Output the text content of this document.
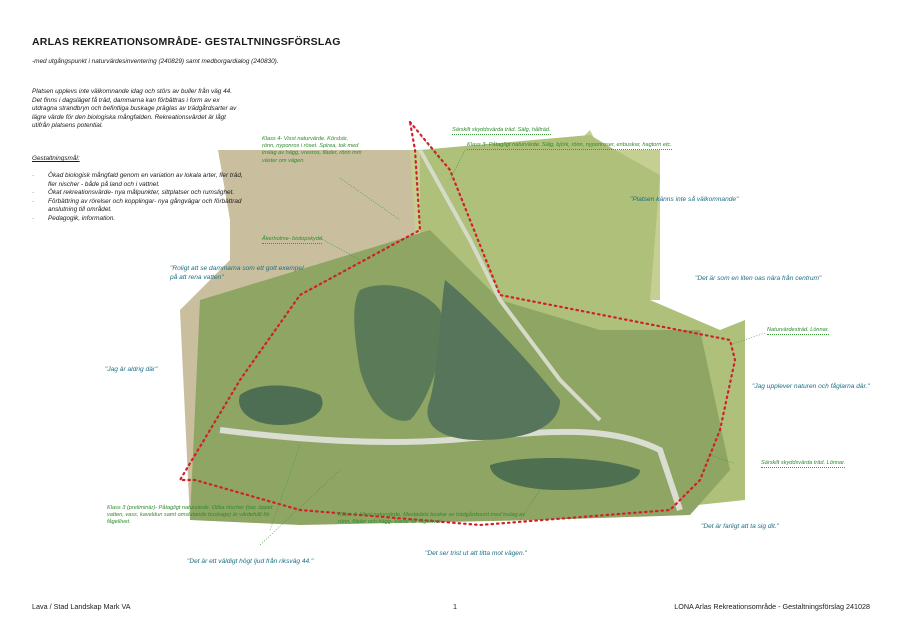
ARLAS REKREATIONSOMRÅDE- GESTALTNINGSFÖRSLAG
-med utgångspunkt i naturvärdesinventering (240829) samt medborgardialog (240830).
Platsen upplevs inte välkomnande idag och störs av buller från väg 44. Det finns i dagsläget få träd, dammarna kan förbättras i form av ex utdragna strandbryn och befintliga buskage präglas av trädgårdsarter av lägre värde för den biologiska mångfalden. Rekreationsvärdet är lågt utifrån platsens potential.
Gestaltningsmål:
· Ökad biologisk mångfald genom en variation av lokala arter, fler träd, fler nischer - både på land och i vattnet.
· Ökat rekreationsvärde- nya målpunkter, sittplatser och rumslighet.
· Förbättring av rörelser och kopplingar- nya gångvägar och förbättrad anslutning till området.
· Pedagogik, information.
Klass 4- Visst naturvärde. Körsbär, rönn, nyponros i röset. Spirea, tok med inslag av hägg, vresros, fläder, rönn mm väster om vägen.
Särskilt skyddsvärda träd. Sälg, hålträd.
Klass 3- Påtagligt naturvärde. Sälg, björk, rönn, nyponroser, enbuskar, hagtorn etc.
Åkerholme- biotopskydd
Naturvärdesträd. Lönnar.
Särskilt skyddsvärda träd. Lönnar.
Klass 3 (preliminär)- Påtagligt naturvärde. Olika nischer (öar, öppet vatten, vass, kaveldun samt omslutande buskage) är värdefullt för fågellivet.
Klass 4- Visst naturvärde. Mestadels buskar av trädgårdssort med inslag av rönn, fläder och hägg. Värde för fågellivet.
"Platsen känns inte så välkomnande"
"Roligt att se dammarna som ett gott exempel på att rena vatten"	"Det är som en liten oas nära från centrum"
"Jag är aldrig där"
"Jag upplever naturen och fåglarna där."
"Det är farligt att ta sig dit."
"Det ser trist ut att titta mot vägen."
"Det är ett väldigt högt ljud från riksväg 44."
Lava / Stad Landskap Mark VA	1	LONA Arlas Rekreationsområde - Gestaltningsförslag 241028
